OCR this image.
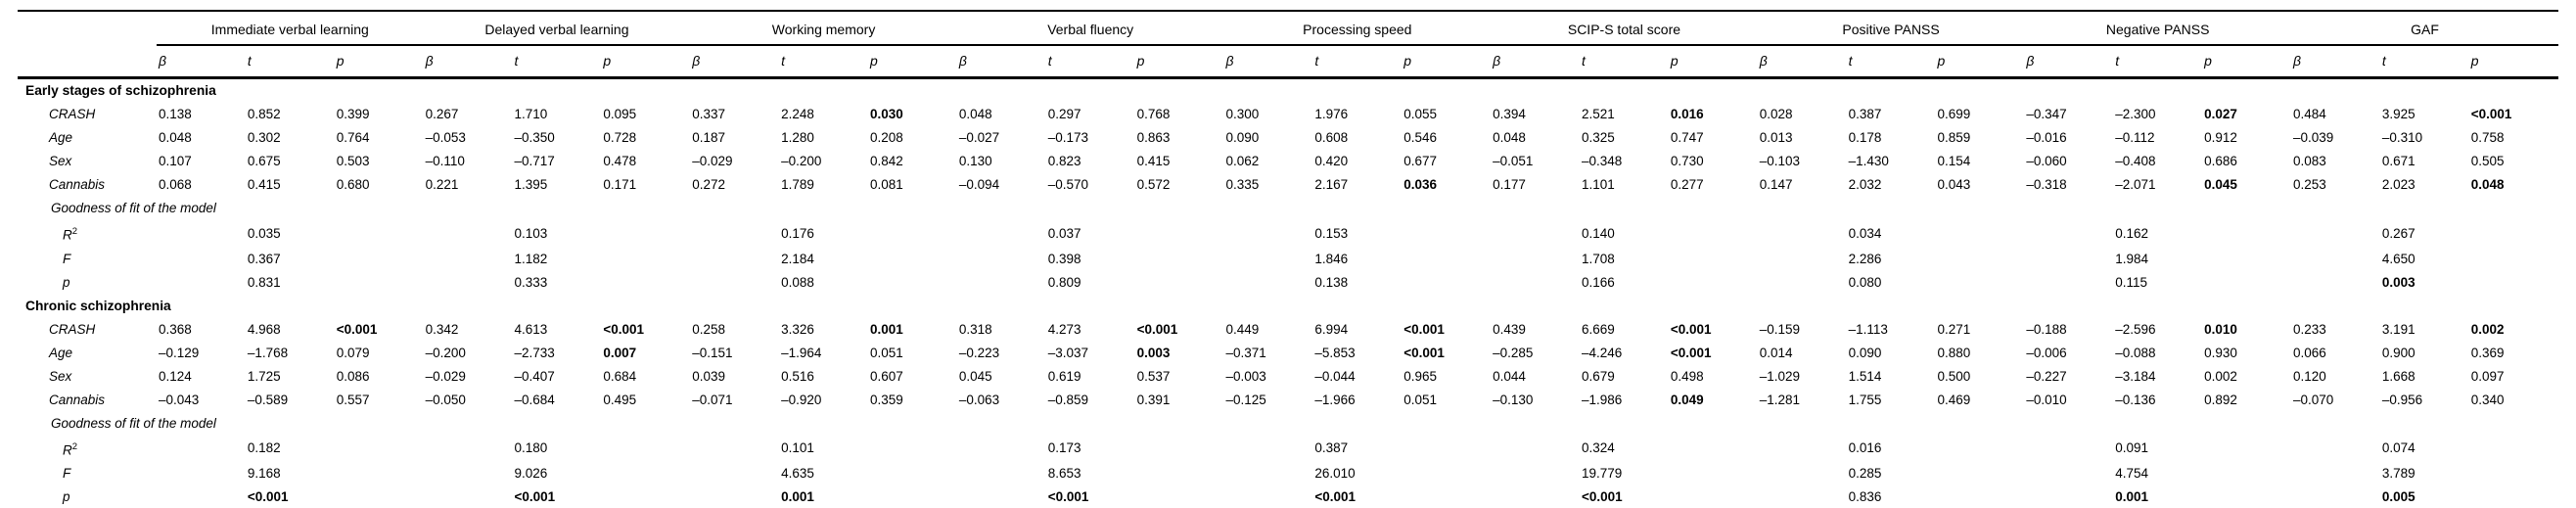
	Immediate verbal learning			Delayed verbal learning			Working memory			Verbal fluency			Processing speed			SCIP-S total score			Positive PANSS			Negative PANSS			GAF		
	β	t	p	β	t	p	β	t	p	β	t	p	β	t	p	β	t	p	β	t	p	β	t	p	β	t	p
Early stages of schizophrenia																											
CRASH	0.138	0.852	0.399	0.267	1.710	0.095	0.337	2.248	0.030	0.048	0.297	0.768	0.300	1.976	0.055	0.394	2.521	0.016	0.028	0.387	0.699	–0.347	–2.300	0.027	0.484	3.925	<0.001
Age	0.048	0.302	0.764	–0.053	–0.350	0.728	0.187	1.280	0.208	–0.027	–0.173	0.863	0.090	0.608	0.546	0.048	0.325	0.747	0.013	0.178	0.859	–0.016	–0.112	0.912	–0.039	–0.310	0.758
Sex	0.107	0.675	0.503	–0.110	–0.717	0.478	–0.029	–0.200	0.842	0.130	0.823	0.415	0.062	0.420	0.677	–0.051	–0.348	0.730	–0.103	–1.430	0.154	–0.060	–0.408	0.686	0.083	0.671	0.505
Cannabis	0.068	0.415	0.680	0.221	1.395	0.171	0.272	1.789	0.081	–0.094	–0.570	0.572	0.335	2.167	0.036	0.177	1.101	0.277	0.147	2.032	0.043	–0.318	–2.071	0.045	0.253	2.023	0.048
Goodness of fit of the model																											
$R^2$		0.035			0.103			0.176			0.037			0.153			0.140			0.034			0.162			0.267	
F		0.367			1.182			2.184			0.398			1.846			1.708			2.286			1.984			4.650	
p		0.831			0.333			0.088			0.809			0.138			0.166			0.080			0.115			0.003	
Chronic schizophrenia																											
CRASH	0.368	4.968	<0.001	0.342	4.613	<0.001	0.258	3.326	0.001	0.318	4.273	<0.001	0.449	6.994	<0.001	0.439	6.669	<0.001	–0.159	–1.113	0.271	–0.188	–2.596	0.010	0.233	3.191	0.002
Age	–0.129	–1.768	0.079	–0.200	–2.733	0.007	–0.151	–1.964	0.051	–0.223	–3.037	0.003	–0.371	–5.853	<0.001	–0.285	–4.246	<0.001	0.014	0.090	0.880	–0.006	–0.088	0.930	0.066	0.900	0.369
Sex	0.124	1.725	0.086	–0.029	–0.407	0.684	0.039	0.516	0.607	0.045	0.619	0.537	–0.003	–0.044	0.965	0.044	0.679	0.498	–1.029	1.514	0.500	–0.227	–3.184	0.002	0.120	1.668	0.097
Cannabis	–0.043	–0.589	0.557	–0.050	–0.684	0.495	–0.071	–0.920	0.359	–0.063	–0.859	0.391	–0.125	–1.966	0.051	–0.130	–1.986	0.049	–1.281	1.755	0.469	–0.010	–0.136	0.892	–0.070	–0.956	0.340
Goodness of fit of the model																											
$R^2$		0.182			0.180			0.101			0.173			0.387			0.324			0.016			0.091			0.074	
F		9.168			9.026			4.635			8.653			26.010			19.779			0.285			4.754			3.789	
p		<0.001			<0.001			0.001			<0.001			<0.001			<0.001			0.836			0.001			0.005	
